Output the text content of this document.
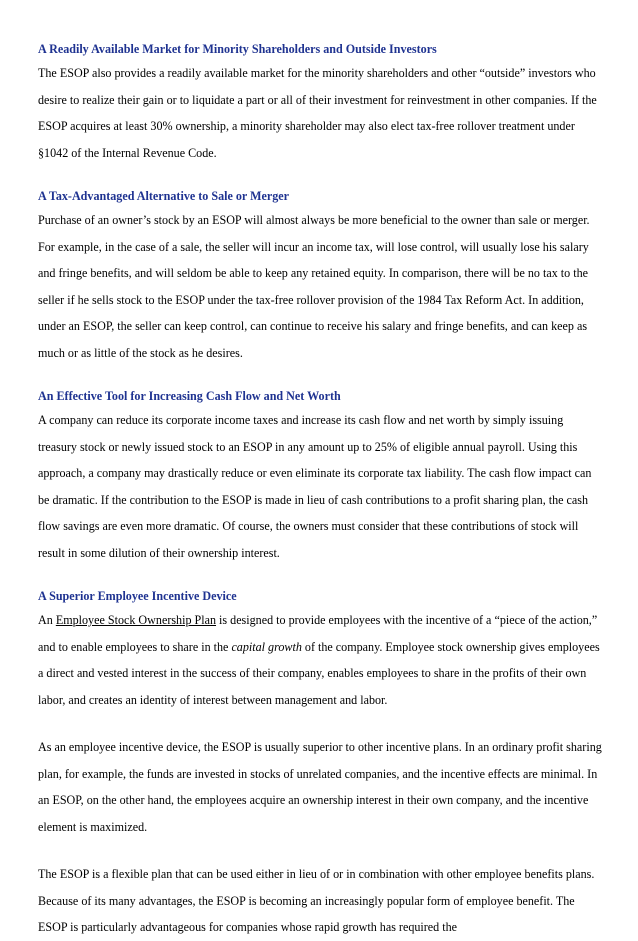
A Readily Available Market for Minority Shareholders and Outside Investors

The ESOP also provides a readily available market for the minority shareholders and other “outside” investors who desire to realize their gain or to liquidate a part or all of their investment for reinvestment in other companies. If the ESOP acquires at least 30% ownership, a minority shareholder may also elect tax-free rollover treatment under §1042 of the Internal Revenue Code.

A Tax-Advantaged Alternative to Sale or Merger

Purchase of an owner’s stock by an ESOP will almost always be more beneficial to the owner than sale or merger. For example, in the case of a sale, the seller will incur an income tax, will lose control, will usually lose his salary and fringe benefits, and will seldom be able to keep any retained equity. In comparison, there will be no tax to the seller if he sells stock to the ESOP under the tax-free rollover provision of the 1984 Tax Reform Act. In addition, under an ESOP, the seller can keep control, can continue to receive his salary and fringe benefits, and can keep as much or as little of the stock as he desires.

An Effective Tool for Increasing Cash Flow and Net Worth

A company can reduce its corporate income taxes and increase its cash flow and net worth by simply issuing treasury stock or newly issued stock to an ESOP in any amount up to 25% of eligible annual payroll. Using this approach, a company may drastically reduce or even eliminate its corporate tax liability. The cash flow impact can be dramatic. If the contribution to the ESOP is made in lieu of cash contributions to a profit sharing plan, the cash flow savings are even more dramatic. Of course, the owners must consider that these contributions of stock will result in some dilution of their ownership interest.

A Superior Employee Incentive Device

An Employee Stock Ownership Plan is designed to provide employees with the incentive of a “piece of the action,” and to enable employees to share in the capital growth of the company. Employee stock ownership gives employees a direct and vested interest in the success of their company, enables employees to share in the profits of their own labor, and creates an identity of interest between management and labor.

As an employee incentive device, the ESOP is usually superior to other incentive plans. In an ordinary profit sharing plan, for example, the funds are invested in stocks of unrelated companies, and the incentive effects are minimal. In an ESOP, on the other hand, the employees acquire an ownership interest in their own company, and the incentive element is maximized.

The ESOP is a flexible plan that can be used either in lieu of or in combination with other employee benefits plans. Because of its many advantages, the ESOP is becoming an increasingly popular form of employee benefit. The ESOP is particularly advantageous for companies whose rapid growth has required the
